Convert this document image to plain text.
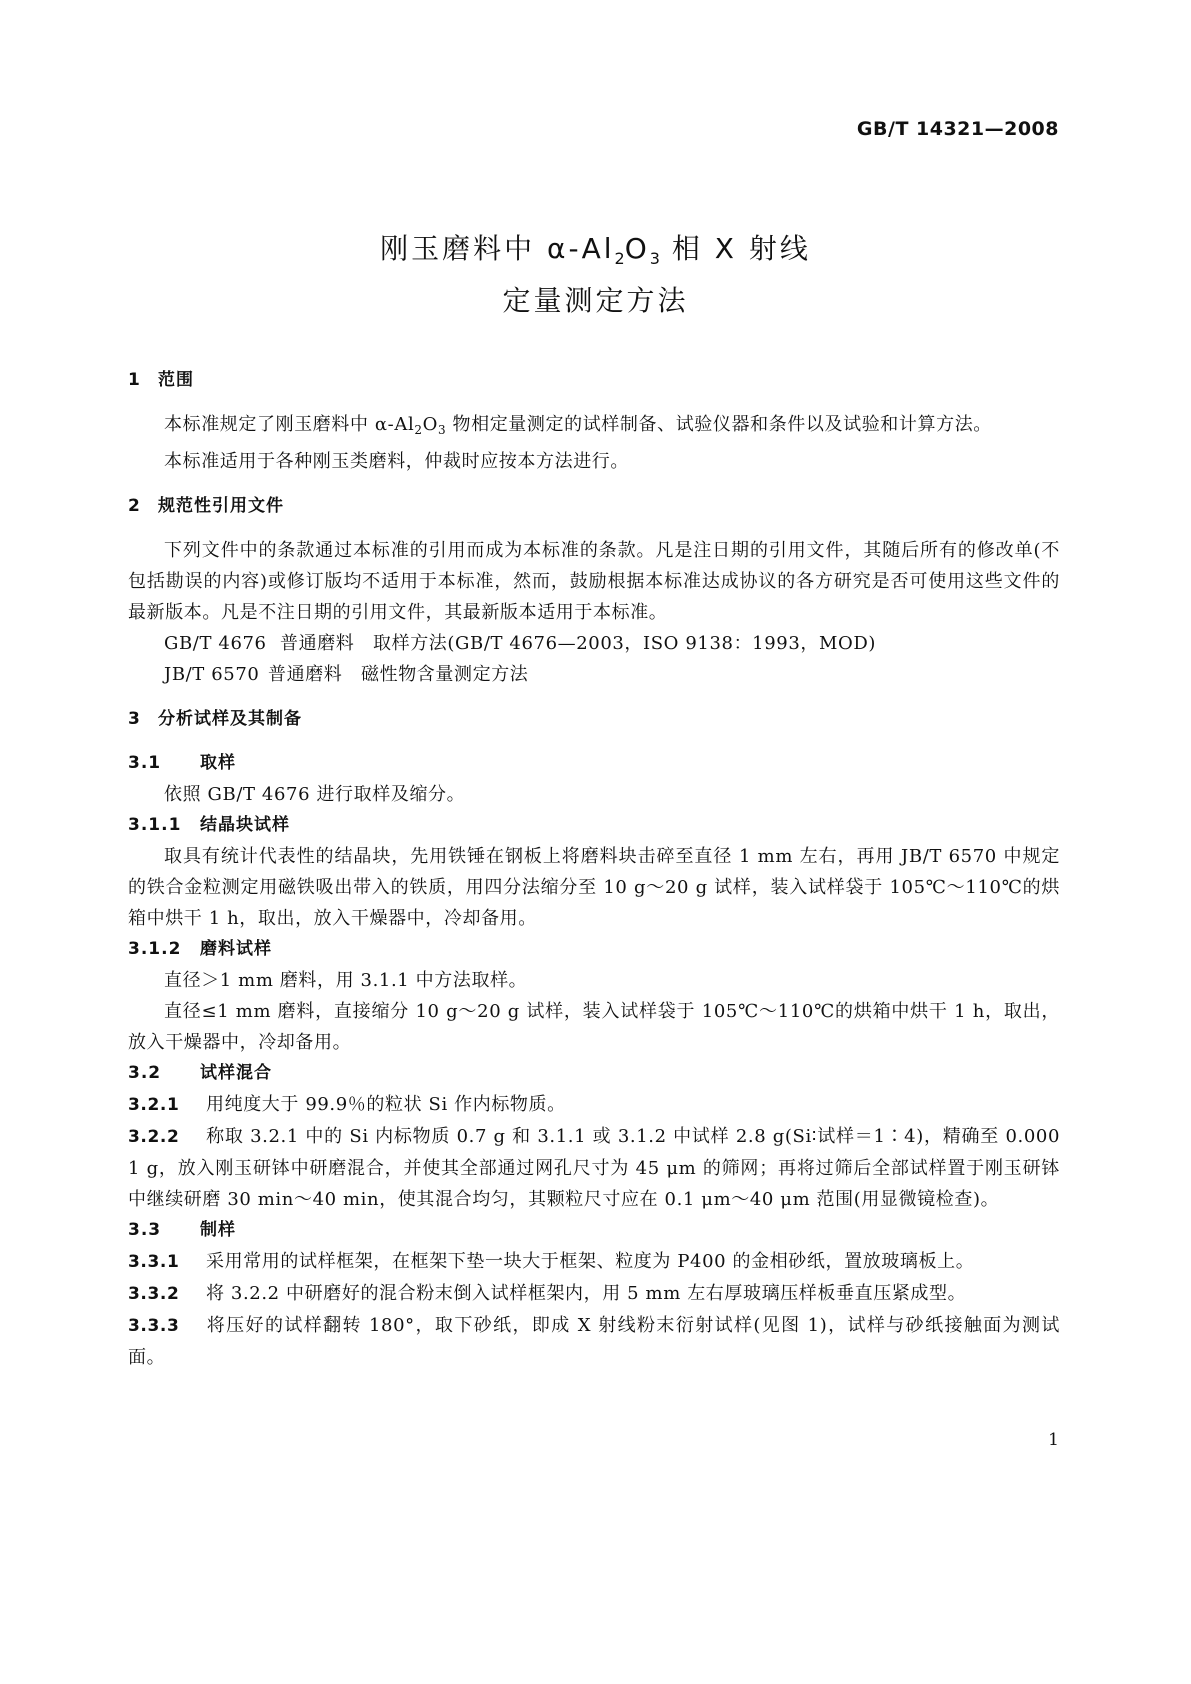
GB/T 14321—2008
刚玉磨料中 $\alpha-Al_2O_3$ 相 X 射线
定量测定方法
1 范围

本标准规定了刚玉磨料中 $\alpha-Al_2O_3$ 物相定量测定的试样制备、试验仪器和条件以及试验和计算方法。

本标准适用于各种刚玉类磨料，仲裁时应按本方法进行。

2 规范性引用文件

下列文件中的条款通过本标准的引用而成为本标准的条款。凡是注日期的引用文件，其随后所有的修改单(不包括勘误的内容)或修订版均不适用于本标准，然而，鼓励根据本标准达成协议的各方研究是否可使用这些文件的最新版本。凡是不注日期的引用文件，其最新版本适用于本标准。

GB/T 4676 普通磨料　取样方法(GB/T 4676—2003，ISO 9138：1993，MOD)

JB/T 6570 普通磨料　磁性物含量测定方法

3 分析试样及其制备
3.1 取样

依照 GB/T 4676 进行取样及缩分。

3.1.1 结晶块试样

取具有统计代表性的结晶块，先用铁锤在钢板上将磨料块击碎至直径 1 mm 左右，再用 JB/T 6570 中规定的铁合金粒测定用磁铁吸出带入的铁质，用四分法缩分至 10 g～20 g 试样，装入试样袋于 105℃～110℃的烘箱中烘干 1 h，取出，放入干燥器中，冷却备用。

3.1.2 磨料试样

直径＞1 mm 磨料，用 3.1.1 中方法取样。

直径≤1 mm 磨料，直接缩分 10 g～20 g 试样，装入试样袋于 105℃～110℃的烘箱中烘干 1 h，取出，放入干燥器中，冷却备用。

3.2 试样混合

3.2.1 用纯度大于 99.9％的粒状 Si 作内标物质。

3.2.2 称取 3.2.1 中的 Si 内标物质 0.7 g 和 3.1.1 或 3.1.2 中试样 2.8 g(Si∶试样＝1∶4)，精确至 0.000 1 g，放入刚玉研钵中研磨混合，并使其全部通过网孔尺寸为 45 μm 的筛网；再将过筛后全部试样置于刚玉研钵中继续研磨 30 min～40 min，使其混合均匀，其颗粒尺寸应在 0.1 μm～40 μm 范围(用显微镜检查)。

3.3 制样

3.3.1 采用常用的试样框架，在框架下垫一块大于框架、粒度为 P400 的金相砂纸，置放玻璃板上。

3.3.2 将 3.2.2 中研磨好的混合粉末倒入试样框架内，用 5 mm 左右厚玻璃压样板垂直压紧成型。

3.3.3 将压好的试样翻转 180°，取下砂纸，即成 X 射线粉末衍射试样(见图 1)，试样与砂纸接触面为测试面。

1
